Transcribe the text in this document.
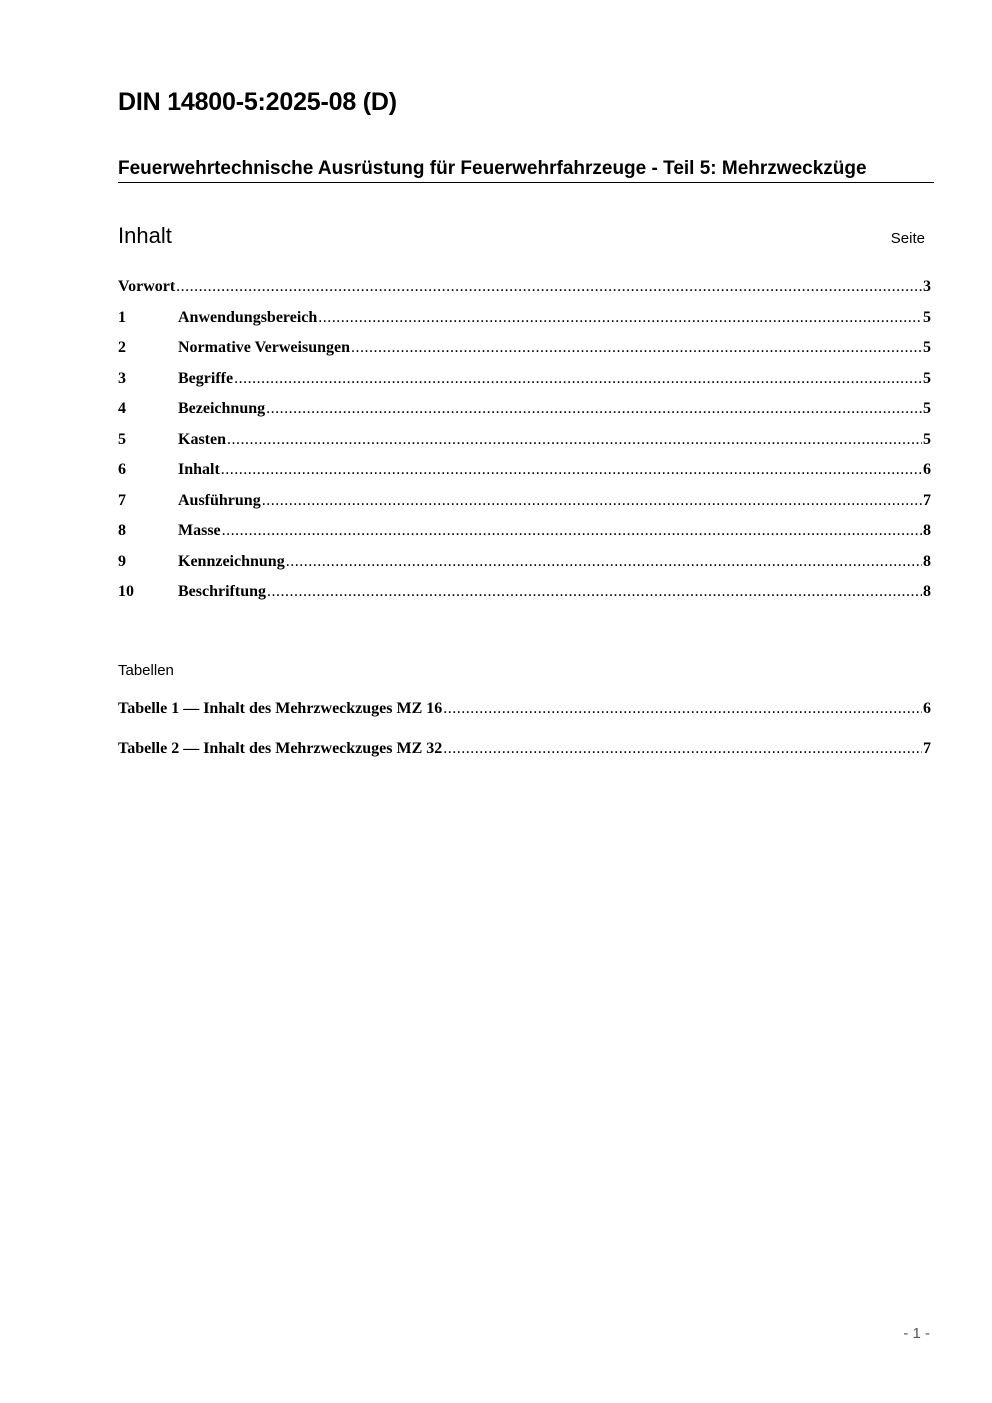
DIN 14800-5:2025-08 (D)
Feuerwehrtechnische Ausrüstung für Feuerwehrfahrzeuge - Teil 5: Mehrzweckzüge
Inhalt	Seite
Vorwort .....	3
1	Anwendungsbereich .....	5
2	Normative Verweisungen .....	5
3	Begriffe .....	5
4	Bezeichnung .....	5
5	Kasten .....	5
6	Inhalt .....	6
7	Ausführung .....	7
8	Masse .....	8
9	Kennzeichnung .....	8
10	Beschriftung .....	8
Tabellen
Tabelle 1 — Inhalt des Mehrzweckzuges MZ 16 .....	6
Tabelle 2 — Inhalt des Mehrzweckzuges MZ 32 .....	7
- 1 -
